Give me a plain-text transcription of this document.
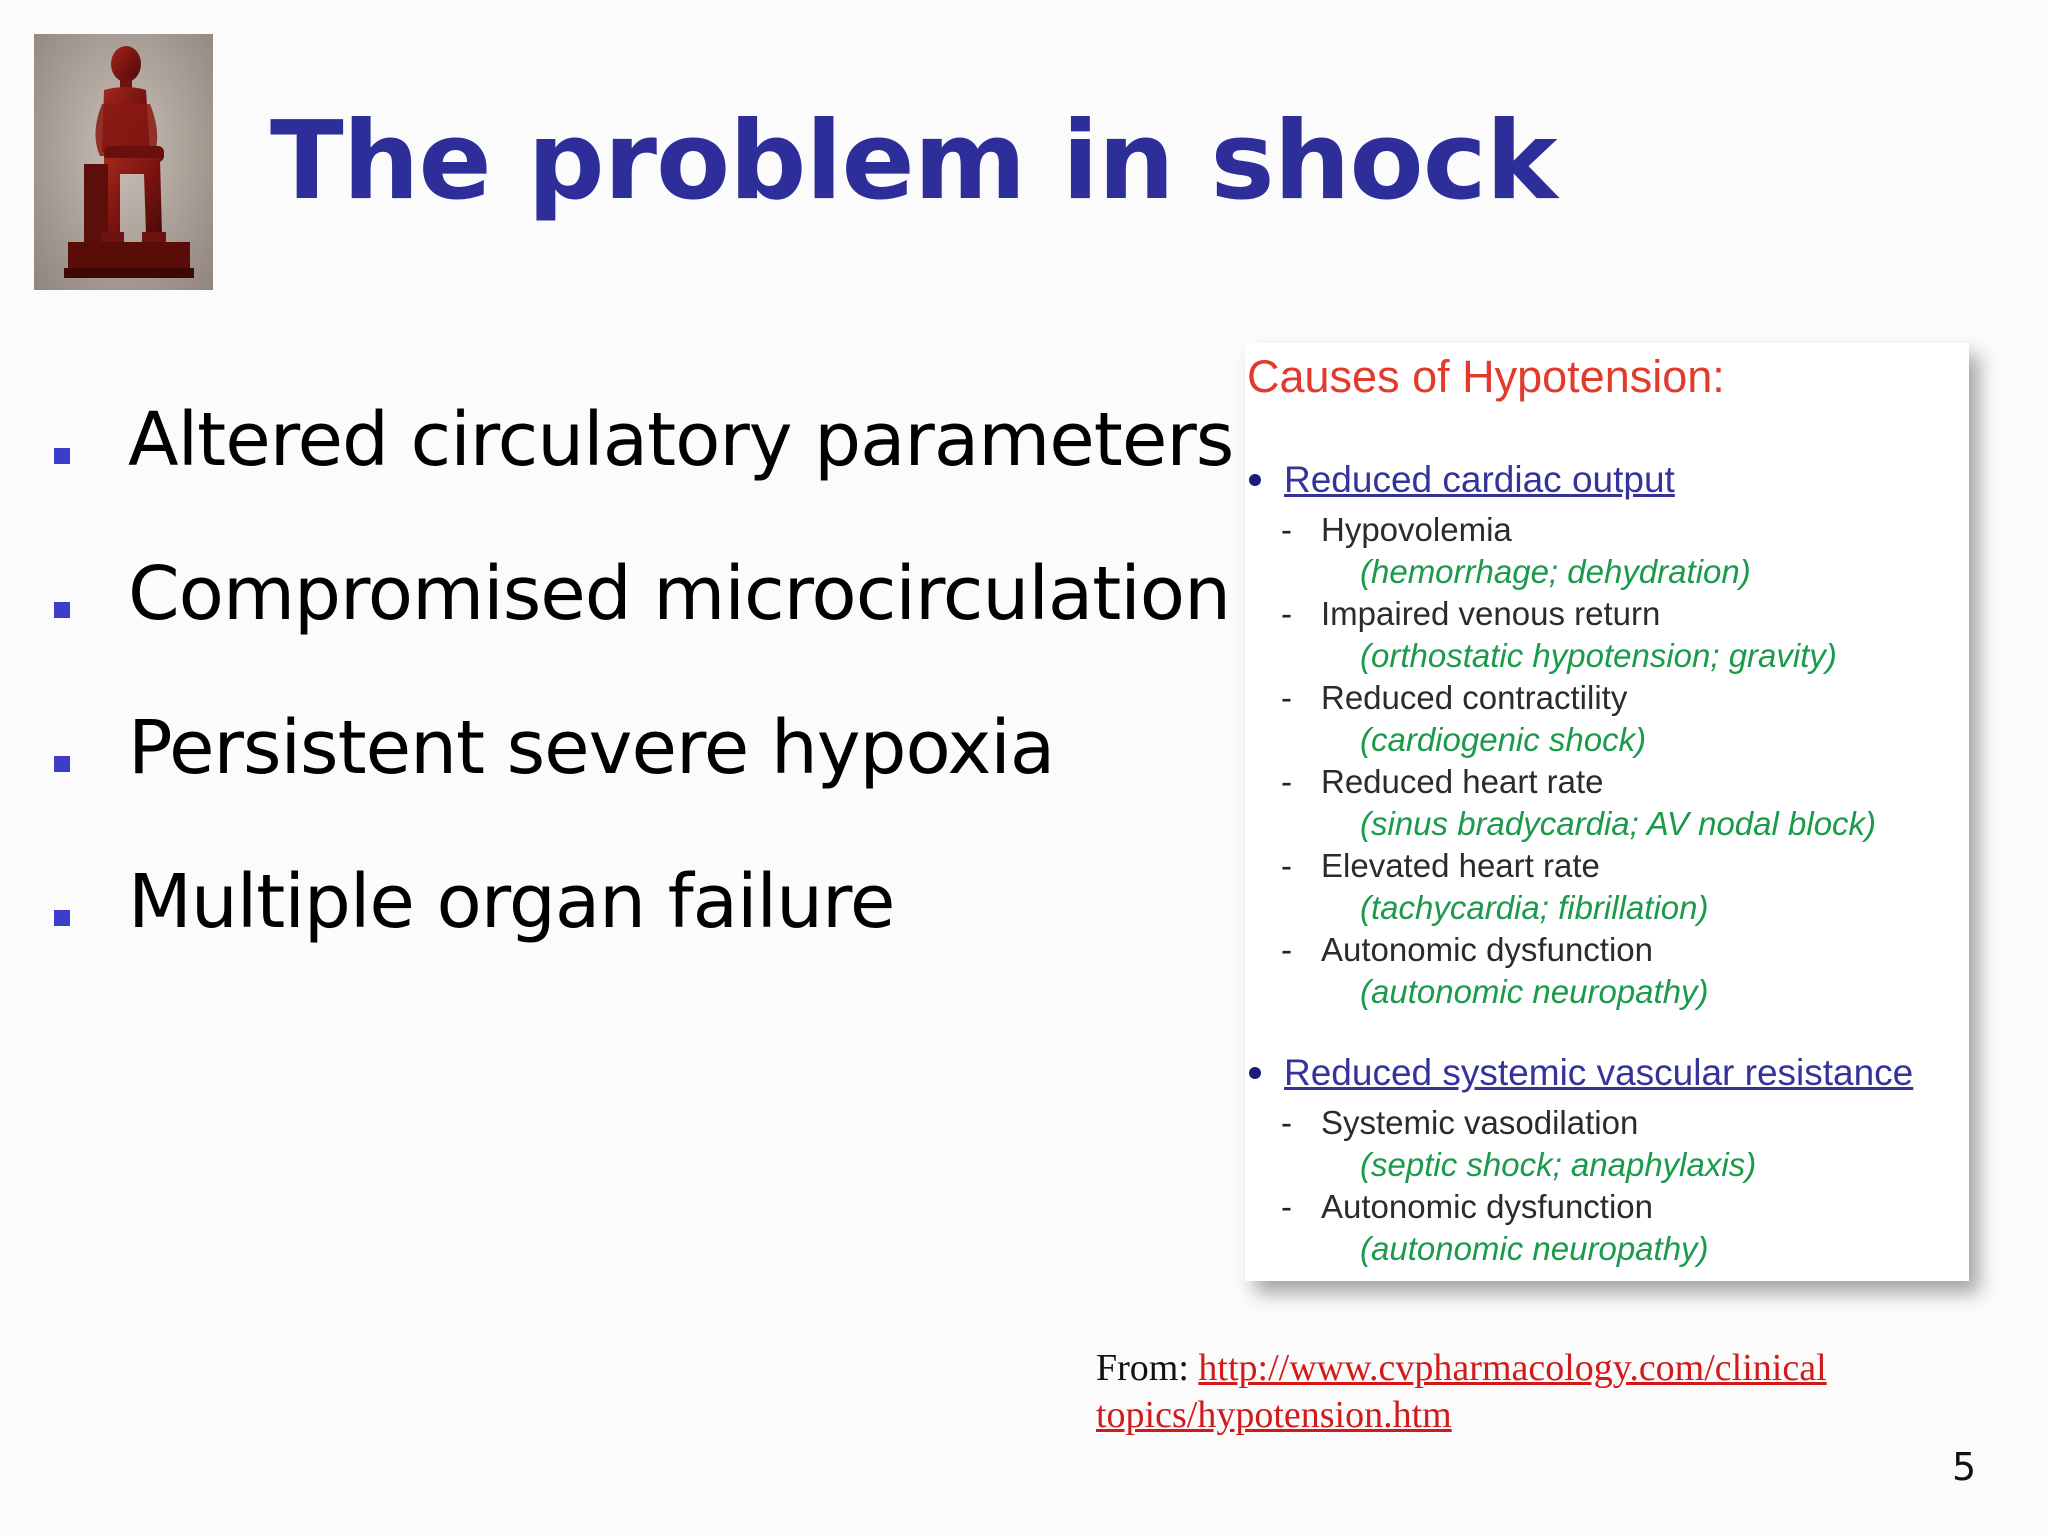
The problem in shock
Altered circulatory parameters
Compromised microcirculation
Persistent severe hypoxia
Multiple organ failure
Causes of Hypotension:
Reduced cardiac output
- Hypovolemia
(hemorrhage; dehydration)
- Impaired venous return
(orthostatic hypotension; gravity)
- Reduced contractility
(cardiogenic shock)
- Reduced heart rate
(sinus bradycardia; AV nodal block)
- Elevated heart rate
(tachycardia; fibrillation)
- Autonomic dysfunction
(autonomic neuropathy)
Reduced systemic vascular resistance
- Systemic vasodilation
(septic shock; anaphylaxis)
- Autonomic dysfunction
(autonomic neuropathy)
From: http://www.cvpharmacology.com/clinical
topics/hypotension.htm
5
